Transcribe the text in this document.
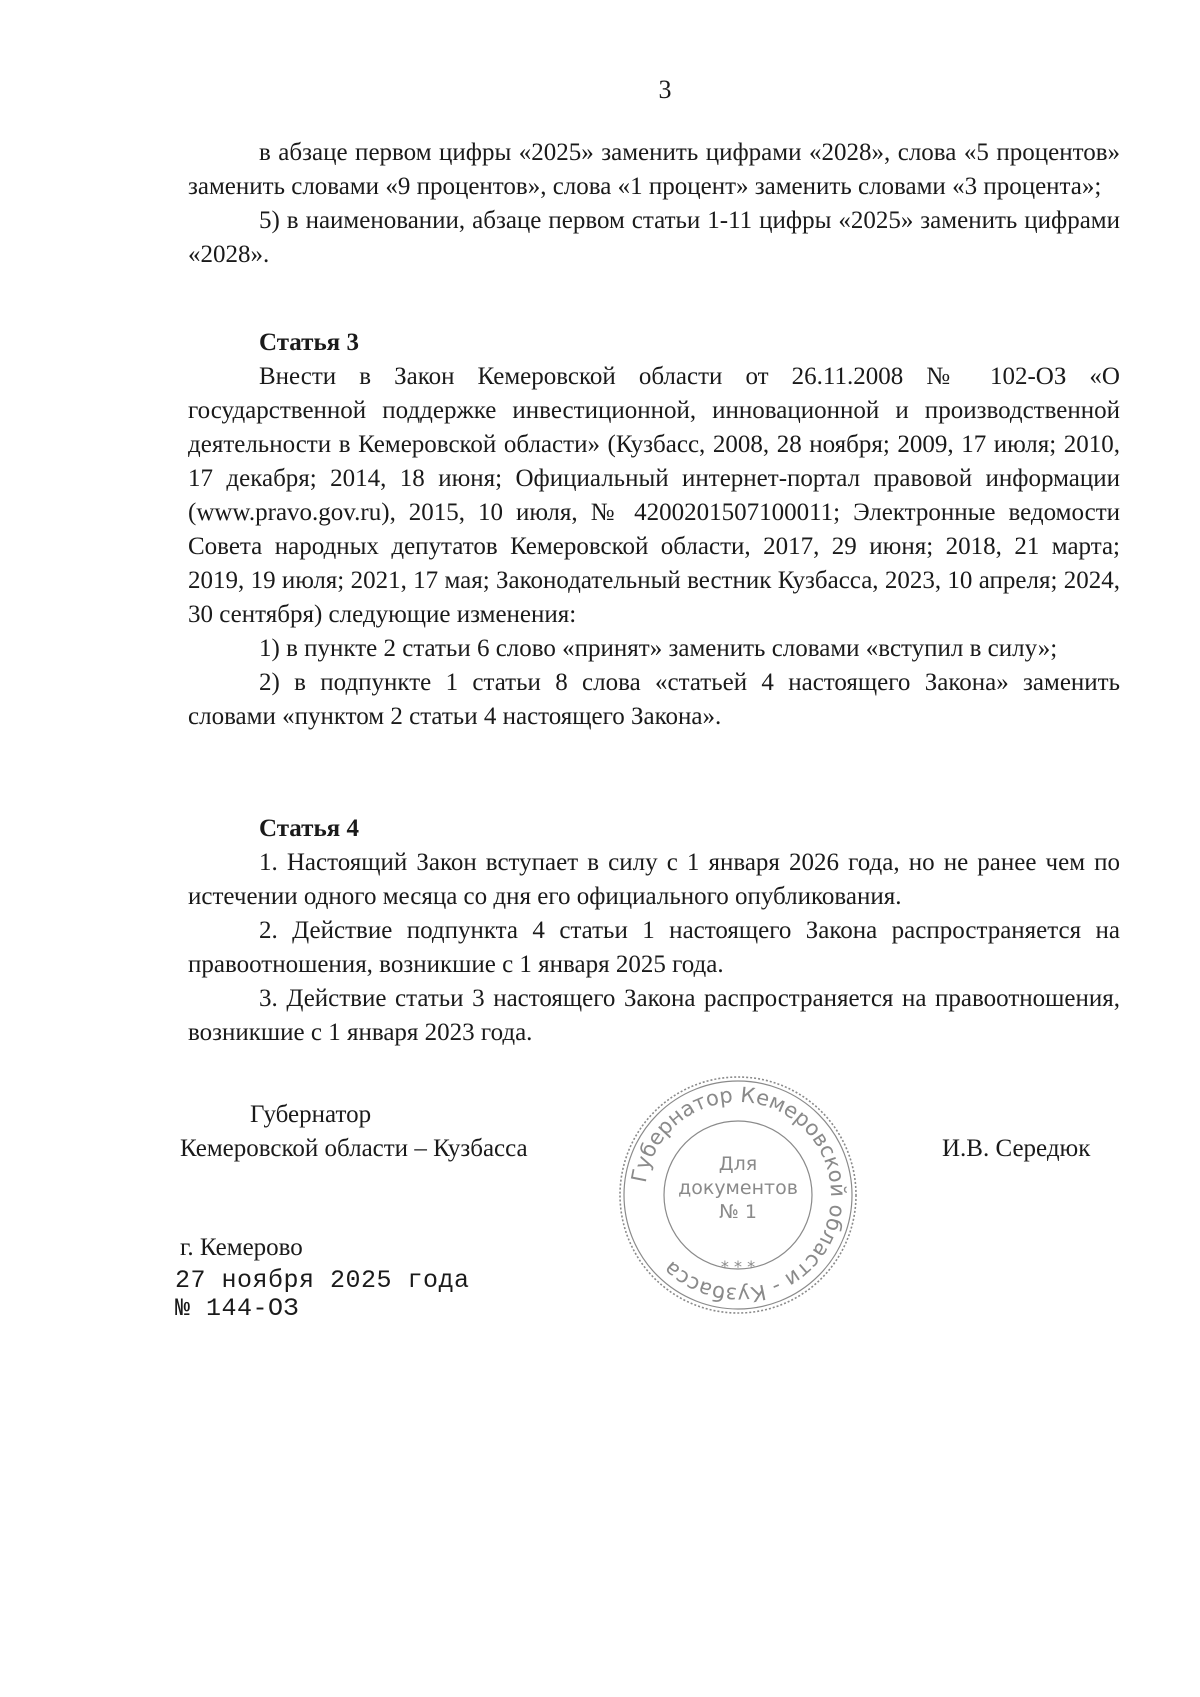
3

в абзаце первом цифры «2025» заменить цифрами «2028», слова «5 процентов» заменить словами «9 процентов», слова «1 процент» заменить словами «3 процента»;

5) в наименовании, абзаце первом статьи 1-11 цифры «2025» заменить цифрами «2028».

Статья 3

Внести в Закон Кемеровской области от 26.11.2008 № 102-ОЗ «О государственной поддержке инвестиционной, инновационной и производственной деятельности в Кемеровской области» (Кузбасс, 2008, 28 ноября; 2009, 17 июля; 2010, 17 декабря; 2014, 18 июня; Официальный интернет-портал правовой информации (www.pravo.gov.ru), 2015, 10 июля, № 4200201507100011; Электронные ведомости Совета народных депутатов Кемеровской области, 2017, 29 июня; 2018, 21 марта; 2019, 19 июля; 2021, 17 мая; Законодательный вестник Кузбасса, 2023, 10 апреля; 2024, 30 сентября) следующие изменения:

1) в пункте 2 статьи 6 слово «принят» заменить словами «вступил в силу»;

2) в подпункте 1 статьи 8 слова «статьей 4 настоящего Закона» заменить словами «пунктом 2 статьи 4 настоящего Закона».

Статья 4

1. Настоящий Закон вступает в силу с 1 января 2026 года, но не ранее чем по истечении одного месяца со дня его официального опубликования.

2. Действие подпункта 4 статьи 1 настоящего Закона распространяется на правоотношения, возникшие с 1 января 2025 года.

3. Действие статьи 3 настоящего Закона распространяется на правоотношения, возникшие с 1 января 2023 года.

Губернатор
Кемеровской области – Кузбасса	И.В. Середюк
Губернатор Кемеровской области - Кузбасса
Для
документов
№ 1
* * *
г. Кемерово
27 ноября 2025 года
№ 144-ОЗ
